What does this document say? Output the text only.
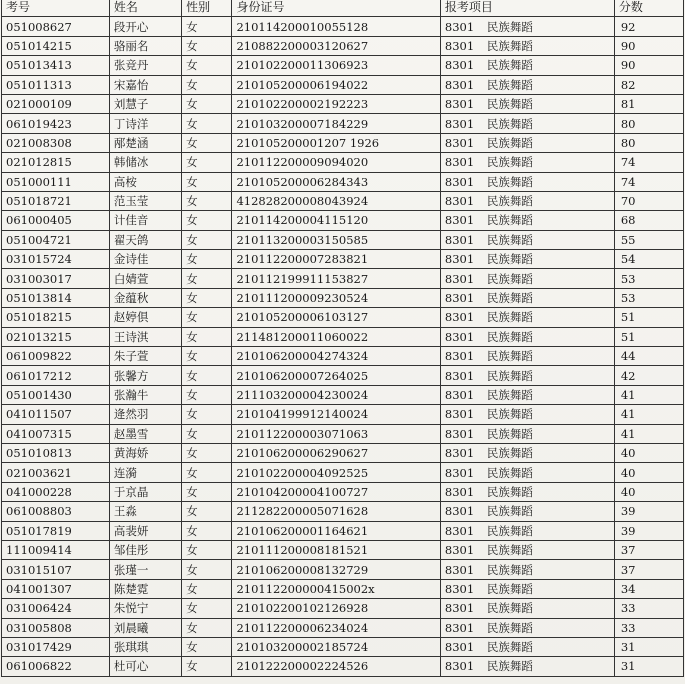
考号	姓名	性别	身份证号	报考项目	分数
051008627	段开心	女	210114200010055128	8301 民族舞蹈	92
051014215	骆丽名	女	210882200003120627	8301 民族舞蹈	90
051013413	张竞丹	女	210102200011306923	8301 民族舞蹈	90
051011313	宋嘉怡	女	210105200006194022	8301 民族舞蹈	82
021000109	刘慧子	女	210102200002192223	8301 民族舞蹈	81
061019423	丁诗洋	女	210103200007184229	8301 民族舞蹈	80
021008308	邴楚涵	女	210105200001207 1926	8301 民族舞蹈	80
021012815	韩储冰	女	210112200009094020	8301 民族舞蹈	74
051000111	高桉	女	210105200006284343	8301 民族舞蹈	74
051018721	范玉莹	女	412828200008043924	8301 民族舞蹈	70
061000405	计佳音	女	210114200004115120	8301 民族舞蹈	68
051004721	翟天鸽	女	210113200003150585	8301 民族舞蹈	55
031015724	金诗佳	女	210112200007283821	8301 民族舞蹈	54
031003017	白婧萱	女	210112199911153827	8301 民族舞蹈	53
051013814	金蕴秋	女	210111200009230524	8301 民族舞蹈	53
051018215	赵婷倶	女	210105200006103127	8301 民族舞蹈	51
021013215	王诗淇	女	211481200011060022	8301 民族舞蹈	51
061009822	朱子萱	女	210106200004274324	8301 民族舞蹈	44
061017212	张馨方	女	210106200007264025	8301 民族舞蹈	42
051001430	张瀚牛	女	211103200004230024	8301 民族舞蹈	41
041011507	逄然羽	女	210104199912140024	8301 民族舞蹈	41
041007315	赵墨雪	女	210112200003071063	8301 民族舞蹈	41
051010813	黄海娇	女	210106200006290627	8301 民族舞蹈	40
021003621	连漪	女	210102200004092525	8301 民族舞蹈	40
041000228	于京晶	女	210104200004100727	8301 民族舞蹈	40
061008803	王淼	女	211282200005071628	8301 民族舞蹈	39
051017819	高裴妍	女	210106200001164621	8301 民族舞蹈	39
111009414	邹佳彤	女	210111200008181521	8301 民族舞蹈	37
031015107	张瑾一	女	210106200008132729	8301 民族舞蹈	37
041001307	陈楚霓	女	210112200000415002x	8301 民族舞蹈	34
031006424	朱悦宁	女	210102200102126928	8301 民族舞蹈	33
031005808	刘晨曦	女	210112200006234024	8301 民族舞蹈	33
031017429	张琪琪	女	210103200002185724	8301 民族舞蹈	31
061006822	杜可心	女	210122200002224526	8301 民族舞蹈	31
